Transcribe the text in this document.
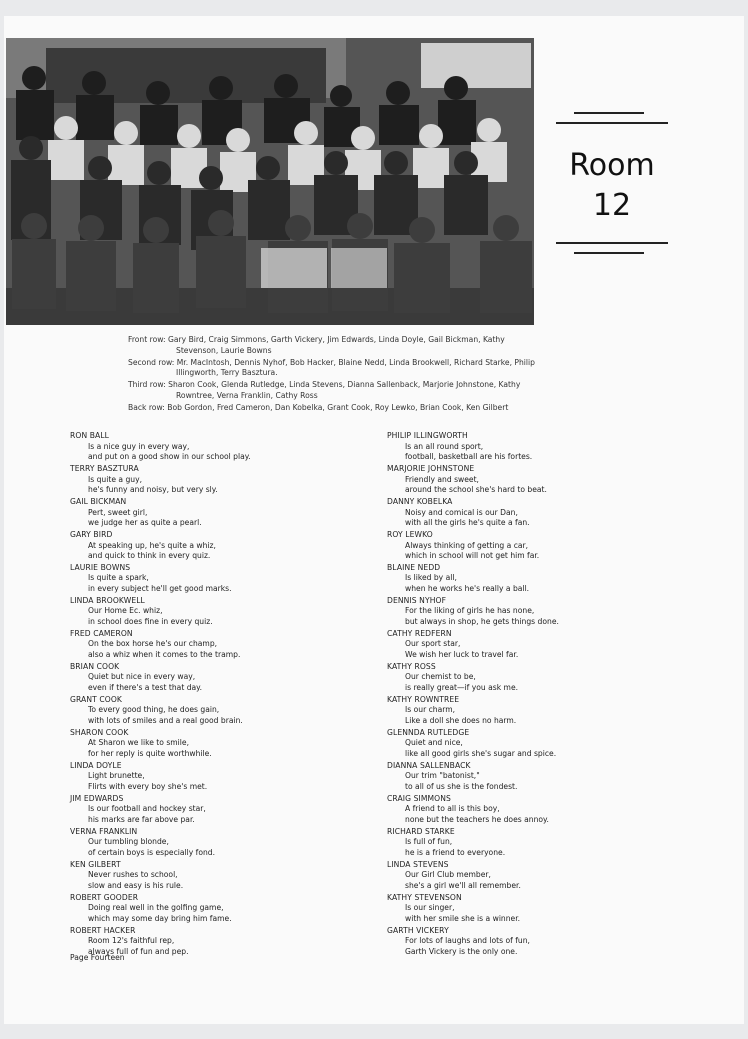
Room
12
Front row: Gary Bird, Craig Simmons, Garth Vickery, Jim Edwards, Linda Doyle, Gail Bickman, Kathy Stevenson, Laurie Bowns
Second row: Mr. MacIntosh, Dennis Nyhof, Bob Hacker, Blaine Nedd, Linda Brookwell, Richard Starke, Philip Illingworth, Terry Basztura.
Third row: Sharon Cook, Glenda Rutledge, Linda Stevens, Dianna Sallenback, Marjorie Johnstone, Kathy Rowntree, Verna Franklin, Cathy Ross
Back row: Bob Gordon, Fred Cameron, Dan Kobelka, Grant Cook, Roy Lewko, Brian Cook, Ken Gilbert
RON BALL
Is a nice guy in every way,
and put on a good show in our school play.
TERRY BASZTURA
Is quite a guy,
he's funny and noisy, but very sly.
GAIL BICKMAN
Pert, sweet girl,
we judge her as quite a pearl.
GARY BIRD
At speaking up, he's quite a whiz,
and quick to think in every quiz.
LAURIE BOWNS
Is quite a spark,
in every subject he'll get good marks.
LINDA BROOKWELL
Our Home Ec. whiz,
in school does fine in every quiz.
FRED CAMERON
On the box horse he's our champ,
also a whiz when it comes to the tramp.
BRIAN COOK
Quiet but nice in every way,
even if there's a test that day.
GRANT COOK
To every good thing, he does gain,
with lots of smiles and a real good brain.
SHARON COOK
At Sharon we like to smile,
for her reply is quite worthwhile.
LINDA DOYLE
Light brunette,
Flirts with every boy she's met.
JIM EDWARDS
Is our football and hockey star,
his marks are far above par.
VERNA FRANKLIN
Our tumbling blonde,
of certain boys is especially fond.
KEN GILBERT
Never rushes to school,
slow and easy is his rule.
ROBERT GOODER
Doing real well in the golfing game,
which may some day bring him fame.
ROBERT HACKER
Room 12's faithful rep,
always full of fun and pep.
PHILIP ILLINGWORTH
Is an all round sport,
football, basketball are his fortes.
MARJORIE JOHNSTONE
Friendly and sweet,
around the school she's hard to beat.
DANNY KOBELKA
Noisy and comical is our Dan,
with all the girls he's quite a fan.
ROY LEWKO
Always thinking of getting a car,
which in school will not get him far.
BLAINE NEDD
Is liked by all,
when he works he's really a ball.
DENNIS NYHOF
For the liking of girls he has none,
but always in shop, he gets things done.
CATHY REDFERN
Our sport star,
We wish her luck to travel far.
KATHY ROSS
Our chemist to be,
is really great—if you ask me.
KATHY ROWNTREE
Is our charm,
Like a doll she does no harm.
GLENNDA RUTLEDGE
Quiet and nice,
like all good girls she's sugar and spice.
DIANNA SALLENBACK
Our trim "batonist,"
to all of us she is the fondest.
CRAIG SIMMONS
A friend to all is this boy,
none but the teachers he does annoy.
RICHARD STARKE
Is full of fun,
he is a friend to everyone.
LINDA STEVENS
Our Girl Club member,
she's a girl we'll all remember.
KATHY STEVENSON
Is our singer,
with her smile she is a winner.
GARTH VICKERY
For lots of laughs and lots of fun,
Garth Vickery is the only one.
Page Fourteen
